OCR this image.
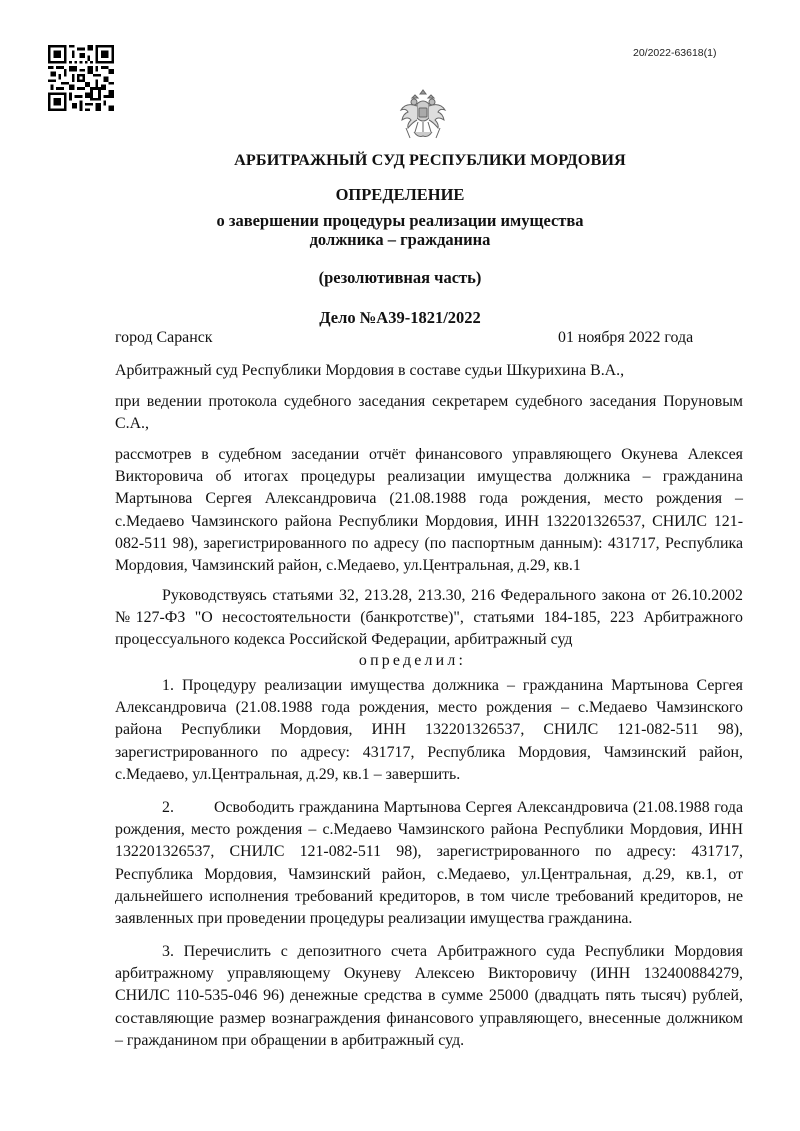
20/2022-63618(1)
АРБИТРАЖНЫЙ СУД РЕСПУБЛИКИ МОРДОВИЯ
ОПРЕДЕЛЕНИЕ
о завершении процедуры реализации имущества
должника – гражданина
(резолютивная часть)
Дело №А39-1821/2022
город Саранск	01 ноября 2022 года
Арбитражный суд Республики Мордовия в составе судьи Шкурихина В.А.,
при ведении протокола судебного заседания секретарем судебного заседания Поруновым С.А.,
рассмотрев в судебном заседании отчёт финансового управляющего Окунева Алексея Викторовича об итогах процедуры реализации имущества должника – гражданина Мартынова Сергея Александровича (21.08.1988 года рождения, место рождения – с.Медаево Чамзинского района Республики Мордовия, ИНН 132201326537, СНИЛС 121-082-511 98), зарегистрированного по адресу (по паспортным данным): 431717, Республика Мордовия, Чамзинский район, с.Медаево, ул.Центральная, д.29, кв.1
Руководствуясь статьями 32, 213.28, 213.30, 216 Федерального закона от 26.10.2002 №127-ФЗ "О несостоятельности (банкротстве)", статьями 184-185, 223 Арбитражного процессуального кодекса Российской Федерации, арбитражный суд
определил:
1. Процедуру реализации имущества должника – гражданина Мартынова Сергея Александровича (21.08.1988 года рождения, место рождения – с.Медаево Чамзинского района Республики Мордовия, ИНН 132201326537, СНИЛС 121-082-511 98), зарегистрированного по адресу: 431717, Республика Мордовия, Чамзинский район, с.Медаево, ул.Центральная, д.29, кв.1 – завершить.
2.	Освободить гражданина Мартынова Сергея Александровича (21.08.1988 года рождения, место рождения – с.Медаево Чамзинского района Республики Мордовия, ИНН 132201326537, СНИЛС 121-082-511 98), зарегистрированного по адресу: 431717, Республика Мордовия, Чамзинский район, с.Медаево, ул.Центральная, д.29, кв.1, от дальнейшего исполнения требований кредиторов, в том числе требований кредиторов, не заявленных при проведении процедуры реализации имущества гражданина.
3. Перечислить с депозитного счета Арбитражного суда Республики Мордовия арбитражному управляющему Окуневу Алексею Викторовичу (ИНН 132400884279, СНИЛС 110-535-046 96) денежные средства в сумме 25000 (двадцать пять тысяч) рублей, составляющие размер вознаграждения финансового управляющего, внесенные должником – гражданином при обращении в арбитражный суд.
